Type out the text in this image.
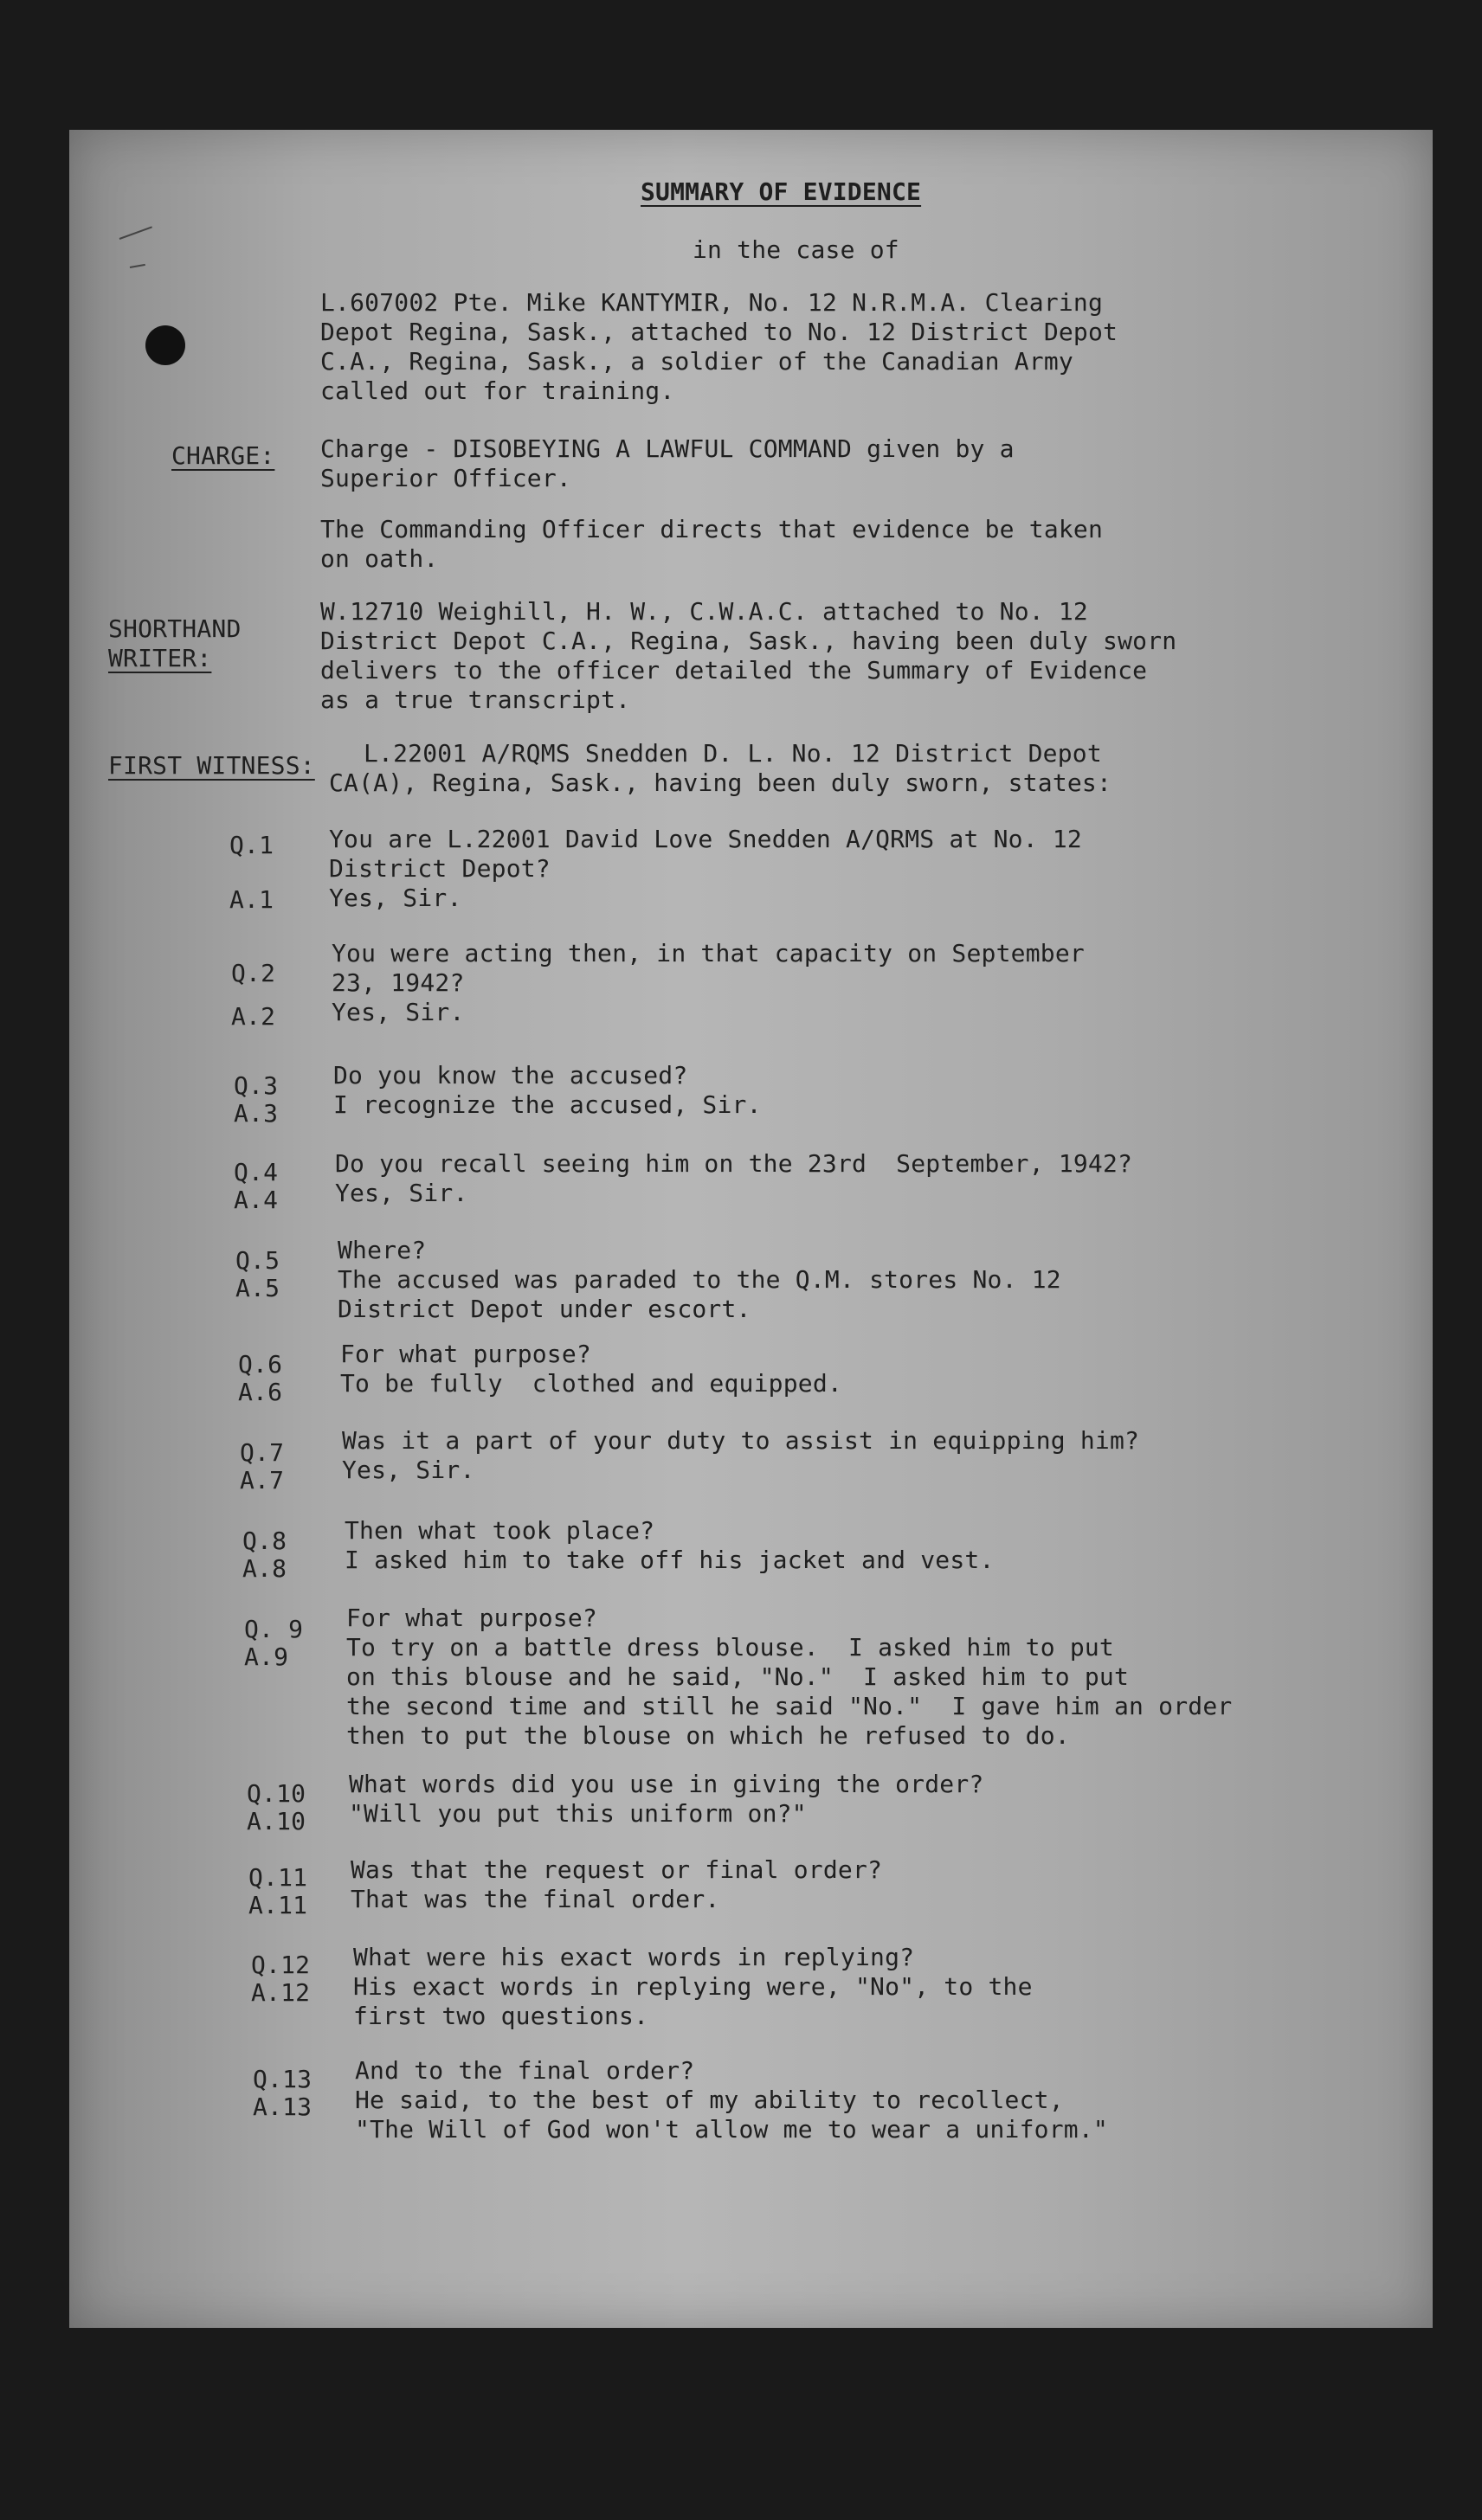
SUMMARY OF EVIDENCE
in the case of
L.607002 Pte. Mike KANTYMIR, No. 12 N.R.M.A. Clearing
Depot Regina, Sask., attached to No. 12 District Depot
C.A., Regina, Sask., a soldier of the Canadian Army
called out for training.
CHARGE: Charge - DISOBEYING A LAWFUL COMMAND given by a
Superior Officer.
The Commanding Officer directs that evidence be taken
on oath.
SHORTHAND
WRITER:
W.12710 Weighill, H. W., C.W.A.C. attached to No. 12
District Depot C.A., Regina, Sask., having been duly sworn
delivers to the officer detailed the Summary of Evidence
as a true transcript.
FIRST WITNESS: L.22001 A/RQMS Snedden D. L. No. 12 District Depot
CA(A), Regina, Sask., having been duly sworn, states:
Q.1 You are L.22001 David Love Snedden A/QRMS at No. 12
District Depot?
A.1 Yes, Sir.
Q.2
You were acting then, in that capacity on September
23, 1942?
A.2 Yes, Sir.
Q.3 Do you know the accused?
A.3 I recognize the accused, Sir.
Q.4 Do you recall seeing him on the 23rd  September, 1942?
A.4 Yes, Sir.
Q.5 Where?
A.5 The accused was paraded to the Q.M. stores No. 12
District Depot under escort.
Q.6 For what purpose?
A.6 To be fully  clothed and equipped.
Q.7 Was it a part of your duty to assist in equipping him?
A.7 Yes, Sir.
Q.8 Then what took place?
A.8 I asked him to take off his jacket and vest.
Q. 9 For what purpose?
A.9 To try on a battle dress blouse.  I asked him to put
on this blouse and he said, "No."  I asked him to put
the second time and still he said "No."  I gave him an order
then to put the blouse on which he refused to do.
Q.10 What words did you use in giving the order?
A.10 "Will you put this uniform on?"
Q.11 Was that the request or final order?
A.11 That was the final order.
Q.12 What were his exact words in replying?
A.12 His exact words in replying were, "No", to the
first two questions.
Q.13 And to the final order?
A.13 He said, to the best of my ability to recollect,
"The Will of God won't allow me to wear a uniform."
